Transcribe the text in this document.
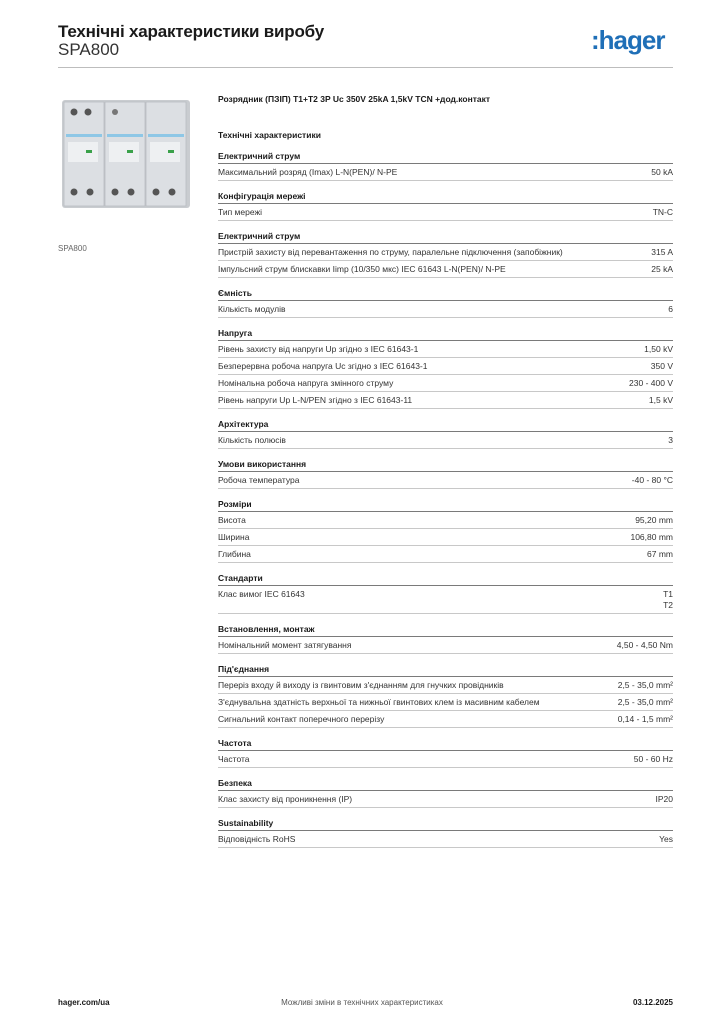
Технічні характеристики виробу
SPA800	:hager
SPA800
Розрядник (ПЗІП) Т1+Т2 3P Uc 350V 25kA 1,5kV TCN +дод.контакт
Технічні характеристики
Електричний струм
Максимальний розряд (Imax) L-N(PEN)/ N-PE	50 kA
Конфігурація мережі
Тип мережі	TN-C
Електричний струм
Пристрій захисту від перевантаження по струму, паралельне підключення (запобіжник)	315 A
Імпульсний струм блискавки Iimp (10/350 мкс) IEC 61643 L-N(PEN)/ N-PE	25 kA
Ємність
Кількість модулів	6
Напруга
Рівень захисту від напруги Up згідно з IEC 61643-1	1,50 kV
Безперервна робоча напруга Uc згідно з IEC 61643-1	350 V
Номінальна робоча напруга змінного струму	230 - 400 V
Рівень напруги Up L-N/PEN згідно з IEC 61643-11	1,5 kV
Архітектура
Кількість полюсів	3
Умови використання
Робоча температура	-40 - 80 °C
Розміри
Висота	95,20 mm
Ширина	106,80 mm
Глибина	67 mm
Стандарти
Клас вимог IEC 61643	T1
T2
Встановлення, монтаж
Номінальний момент затягування	4,50 - 4,50 Nm
Під'єднання
Переріз входу й виходу із гвинтовим з'єднанням для гнучких провідників	2,5 - 35,0 mm²
З'єднувальна здатність верхньої та нижньої гвинтових клем із масивним кабелем	2,5 - 35,0 mm²
Сигнальний контакт поперечного перерізу	0,14 - 1,5 mm²
Частота
Частота	50 - 60 Hz
Безпека
Клас захисту від проникнення (IP)	IP20
Sustainability
Відповідність RoHS	Yes
hager.com/ua	Можливі зміни в технічних характеристиках	03.12.2025
